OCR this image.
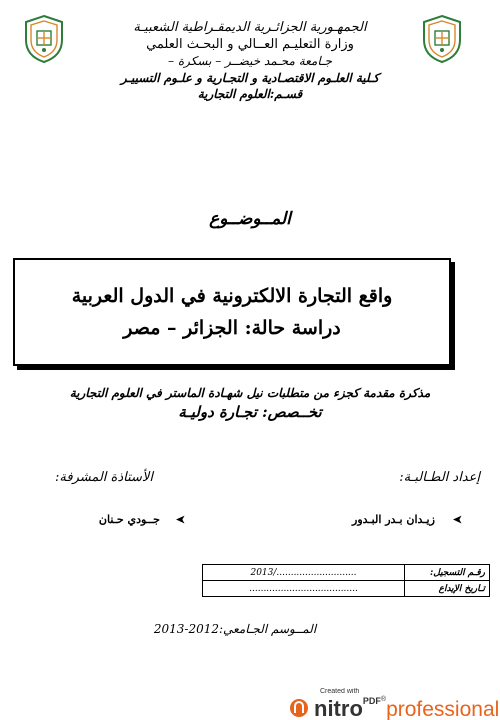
الجمهـورية الجزائـرية الديمقـراطية الشعبيـة
وزارة التعليـم العــالي و البحـث العلمي
جـامعة محـمد خيضــر – بسكرة –
كـلية العلـوم الاقتصـادية و التجـارية و علـوم التسييـر
قسـم:العلوم التجارية
المــوضــوع
واقع التجارة الالكترونية في الدول العربية
دراسة حالة: الجزائر – مصر
مذكرة مقدمة كجزء من متطلبات نيل شهـادة الماستر في العلوم التجارية
تخــصص: تجـارة دوليـة
إعداد الطـالبـة:
الأستاذة المشرفة:
➤ زيـدان بـدر البـدور
➤ جــودي حـنان
رقـم التسجيل:	............................/2013
تـاريخ الإيداع	......................................
المــوسم الجـامعي:2012-2013
Created with
nitro$^{PDF®}$professional
